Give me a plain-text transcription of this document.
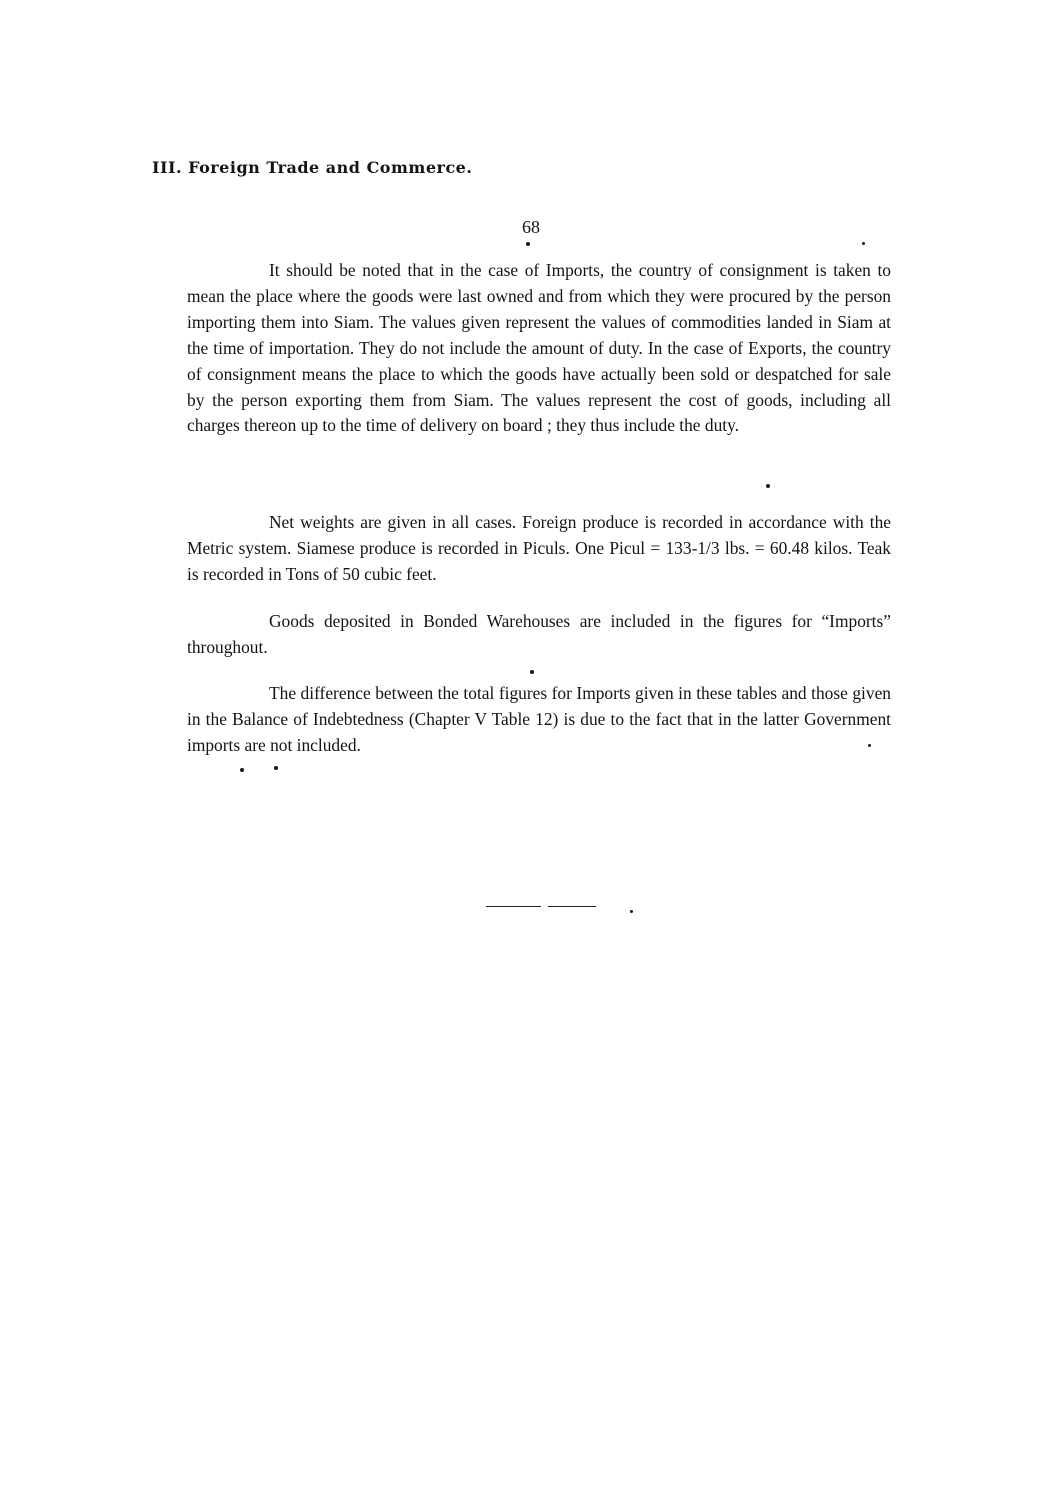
III. Foreign Trade and Commerce.
68

It should be noted that in the case of Imports, the country of consignment is taken to mean the place where the goods were last owned and from which they were procured by the person importing them into Siam. The values given represent the values of commodities landed in Siam at the time of importation. They do not include the amount of duty. In the case of Exports, the country of consignment means the place to which the goods have actually been sold or despatched for sale by the person exporting them from Siam. The values represent the cost of goods, including all charges thereon up to the time of delivery on board ; they thus include the duty.

Net weights are given in all cases. Foreign produce is recorded in accordance with the Metric system. Siamese produce is recorded in Piculs. One Picul = 133-1/3 lbs. = 60.48 kilos. Teak is recorded in Tons of 50 cubic feet.

Goods deposited in Bonded Warehouses are included in the figures for “Imports” throughout.

The difference between the total figures for Imports given in these tables and those given in the Balance of Indebtedness (Chapter V Table 12) is due to the fact that in the latter Government imports are not included.
